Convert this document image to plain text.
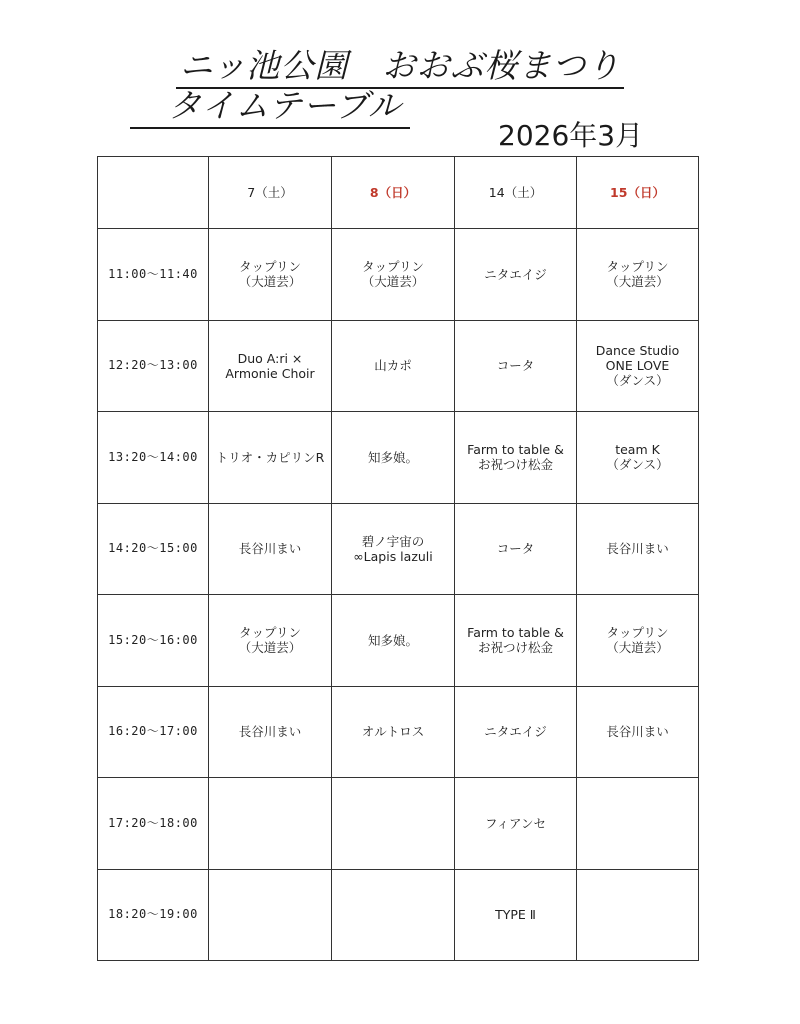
ニッ池公園　おおぶ桜まつり
タイムテーブル
2026年3月
	7（土）	8（日）	14（土）	15（日）
11:00〜11:40	タップリン
（大道芸）	タップリン
（大道芸）	ニタエイジ	タップリン
（大道芸）
12:20〜13:00	Duo A:ri ×
Armonie Choir	山カポ	コータ	Dance Studio
ONE LOVE
（ダンス）
13:20〜14:00	トリオ・カピリンR	知多娘。	Farm to table &
お祝つけ松金	team K
（ダンス）
14:20〜15:00	長谷川まい	碧ノ宇宙の
∞Lapis lazuli	コータ	長谷川まい
15:20〜16:00	タップリン
（大道芸）	知多娘。	Farm to table &
お祝つけ松金	タップリン
（大道芸）
16:20〜17:00	長谷川まい	オルトロス	ニタエイジ	長谷川まい
17:20〜18:00			フィアンセ	
18:20〜19:00			TYPE Ⅱ	
